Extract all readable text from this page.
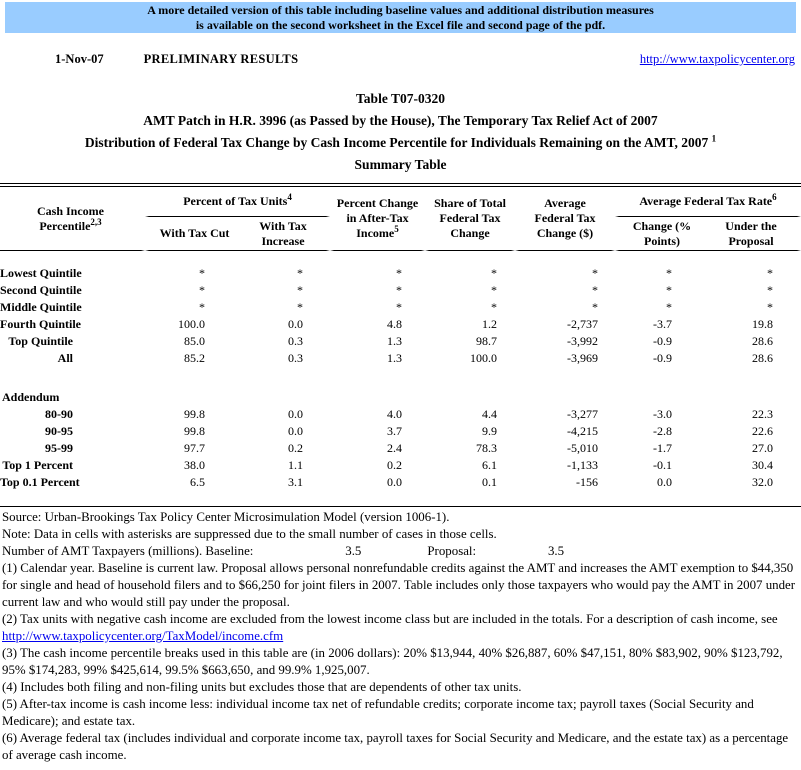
A more detailed version of this table including baseline values and additional distribution measures
is available on the second worksheet in the Excel file and second page of the pdf.
1-Nov-07	PRELIMINARY RESULTS	http://www.taxpolicycenter.org
Table T07-0320
AMT Patch in H.R. 3996 (as Passed by the House), The Temporary Tax Relief Act of 2007
Distribution of Federal Tax Change by Cash Income Percentile for Individuals Remaining on the AMT, 2007 $^1$
Summary Table
Cash Income Percentile$^{2,3}$	Percent of Tax Units$^4$		Percent Change in After-Tax Income$^5$	Share of Total Federal Tax Change	Average Federal Tax Change ($)	Average Federal Tax Rate$^6$
	With Tax Cut	With Tax Increase				Change (% Points)	Under the Proposal

Lowest Quintile	*	*	*	*	*	*	*
Second Quintile	*	*	*	*	*	*	*
Middle Quintile	*	*	*	*	*	*	*
Fourth Quintile	100.0	0.0	4.8	1.2	-2,737	-3.7	19.8
Top Quintile	85.0	0.3	1.3	98.7	-3,992	-0.9	28.6
All	85.2	0.3	1.3	100.0	-3,969	-0.9	28.6

Addendum							
80-90	99.8	0.0	4.0	4.4	-3,277	-3.0	22.3
90-95	99.8	0.0	3.7	9.9	-4,215	-2.8	22.6
95-99	97.7	0.2	2.4	78.3	-5,010	-1.7	27.0
Top 1 Percent	38.0	1.1	0.2	6.1	-1,133	-0.1	30.4
Top 0.1 Percent	6.5	3.1	0.0	0.1	-156	0.0	32.0

Source: Urban-Brookings Tax Policy Center Microsimulation Model (version 1006-1).

Note: Data in cells with asterisks are suppressed due to the small number of cases in those cells.

Number of AMT Taxpayers (millions). Baseline:	3.5	Proposal:	3.5

(1) Calendar year. Baseline is current law. Proposal allows personal nonrefundable credits against the AMT and increases the AMT exemption to $44,350 for single and head of household filers and to $66,250 for joint filers in 2007. Table includes only those taxpayers who would pay the AMT in 2007 under current law and who would still pay under the proposal.

(2) Tax units with negative cash income are excluded from the lowest income class but are included in the totals. For a description of cash income, see http://www.taxpolicycenter.org/TaxModel/income.cfm

(3) The cash income percentile breaks used in this table are (in 2006 dollars): 20% $13,944, 40% $26,887, 60% $47,151, 80% $83,902, 90% $123,792, 95% $174,283, 99% $425,614, 99.5% $663,650, and 99.9% 1,925,007.

(4) Includes both filing and non-filing units but excludes those that are dependents of other tax units.

(5) After-tax income is cash income less: individual income tax net of refundable credits; corporate income tax; payroll taxes (Social Security and Medicare); and estate tax.

(6) Average federal tax (includes individual and corporate income tax, payroll taxes for Social Security and Medicare, and the estate tax) as a percentage of average cash income.
